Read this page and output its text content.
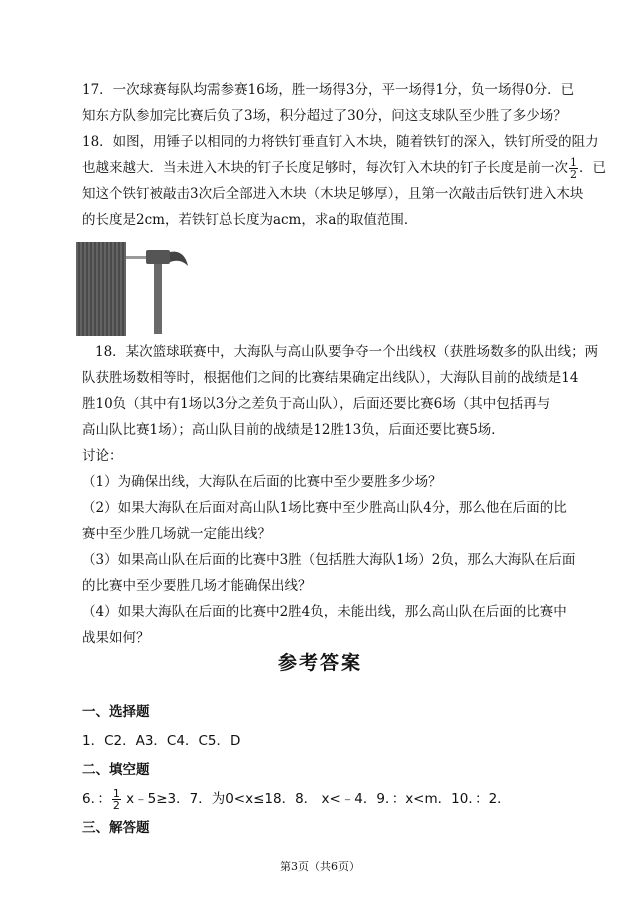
17．一次球赛每队均需参赛16场，胜一场得3分，平一场得1分，负一场得0分．已
知东方队参加完比赛后负了3场，积分超过了30分，问这支球队至少胜了多少场？
18．如图，用锤子以相同的力将铁钉垂直钉入木块，随着铁钉的深入，铁钉所受的阻力
也越来越大．当未进入木块的钉子长度足够时，每次钉入木块的钉子长度是前一次 $\frac{1}{2}$ ．已
知这个铁钉被敲击3次后全部进入木块（木块足够厚），且第一次敲击后铁钉进入木块
的长度是2cm，若铁钉总长度为acm，求a的取值范围．
18．某次篮球联赛中，大海队与高山队要争夺一个出线权（获胜场数多的队出线；两
队获胜场数相等时，根据他们之间的比赛结果确定出线队），大海队目前的战绩是14
胜10负（其中有1场以3分之差负于高山队），后面还要比赛6场（其中包括再与
高山队比赛1场）；高山队目前的战绩是12胜13负，后面还要比赛5场．
讨论：
（1）为确保出线，大海队在后面的比赛中至少要胜多少场？
（2）如果大海队在后面对高山队1场比赛中至少胜高山队4分，那么他在后面的比
赛中至少胜几场就一定能出线？
（3）如果高山队在后面的比赛中3胜（包括胜大海队1场）2负，那么大海队在后面
的比赛中至少要胜几场才能确保出线？
（4）如果大海队在后面的比赛中2胜4负，未能出线，那么高山队在后面的比赛中
战果如何？
参考答案
一、选择题
1．C2．A3．C4．C5．D
二、填空题
6．： $\frac{1}{2}$ x﹣5≥3．7．为0<x≤18．8． x<﹣4．9．：x<m．10．：2．
三、解答题
第3页（共6页）
